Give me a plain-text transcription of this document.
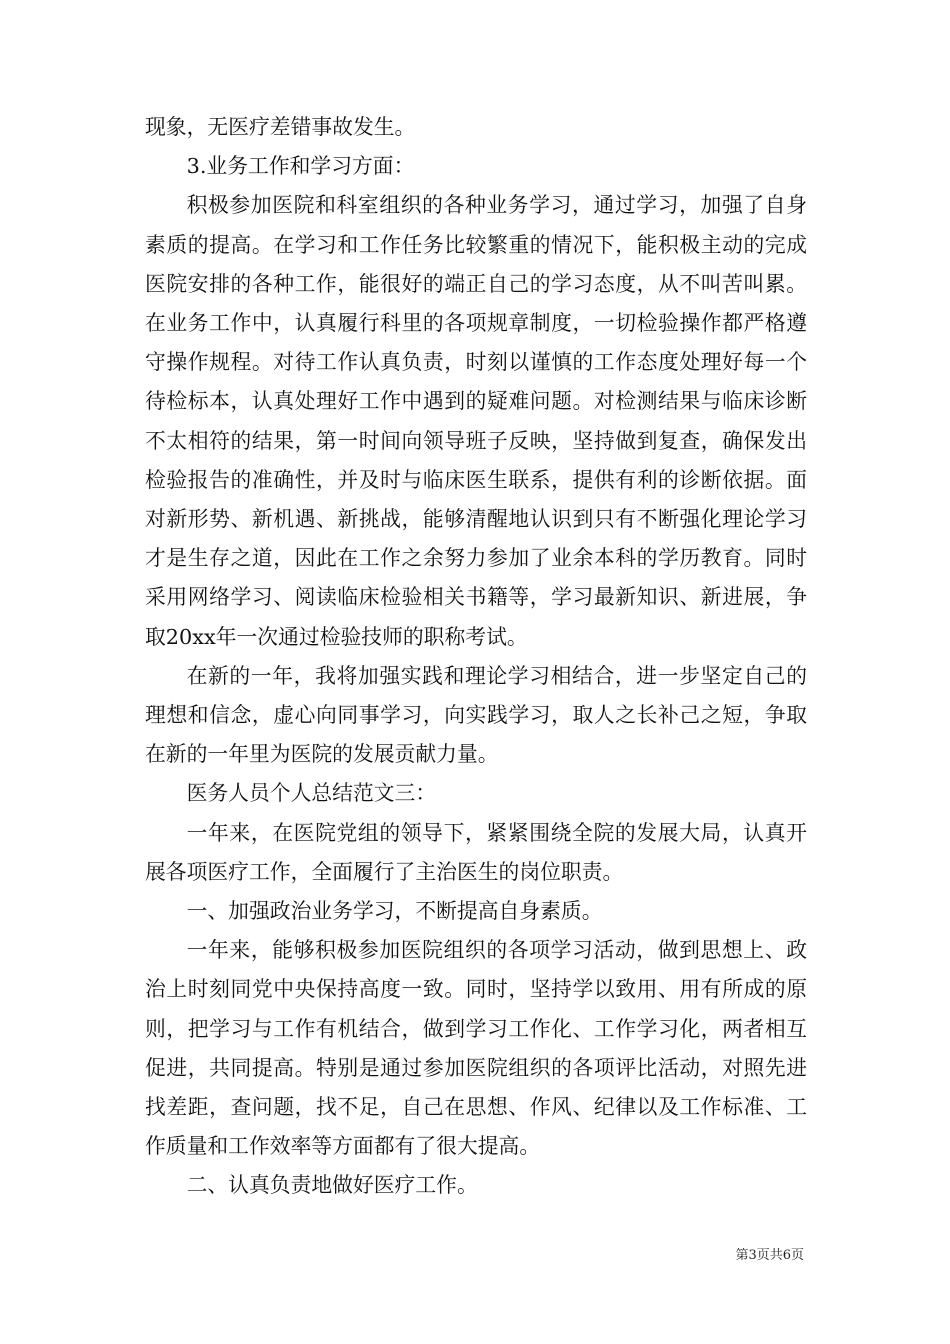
现象，无医疗差错事故发生。

3.业务工作和学习方面：

积极参加医院和科室组织的各种业务学习，通过学习，加强了自身素质的提高。在学习和工作任务比较繁重的情况下，能积极主动的完成医院安排的各种工作，能很好的端正自己的学习态度，从不叫苦叫累。在业务工作中，认真履行科里的各项规章制度，一切检验操作都严格遵守操作规程。对待工作认真负责，时刻以谨慎的工作态度处理好每一个待检标本，认真处理好工作中遇到的疑难问题。对检测结果与临床诊断不太相符的结果，第一时间向领导班子反映，坚持做到复查，确保发出检验报告的准确性，并及时与临床医生联系，提供有利的诊断依据。面对新形势、新机遇、新挑战，能够清醒地认识到只有不断强化理论学习才是生存之道，因此在工作之余努力参加了业余本科的学历教育。同时采用网络学习、阅读临床检验相关书籍等，学习最新知识、新进展，争取20xx年一次通过检验技师的职称考试。

在新的一年，我将加强实践和理论学习相结合，进一步坚定自己的理想和信念，虚心向同事学习，向实践学习，取人之长补己之短，争取在新的一年里为医院的发展贡献力量。

医务人员个人总结范文三：

一年来，在医院党组的领导下，紧紧围绕全院的发展大局，认真开展各项医疗工作，全面履行了主治医生的岗位职责。

一、加强政治业务学习，不断提高自身素质。

一年来，能够积极参加医院组织的各项学习活动，做到思想上、政治上时刻同党中央保持高度一致。同时，坚持学以致用、用有所成的原则，把学习与工作有机结合，做到学习工作化、工作学习化，两者相互促进，共同提高。特别是通过参加医院组织的各项评比活动，对照先进找差距，查问题，找不足，自己在思想、作风、纪律以及工作标准、工作质量和工作效率等方面都有了很大提高。

二、认真负责地做好医疗工作。

第3页共6页
